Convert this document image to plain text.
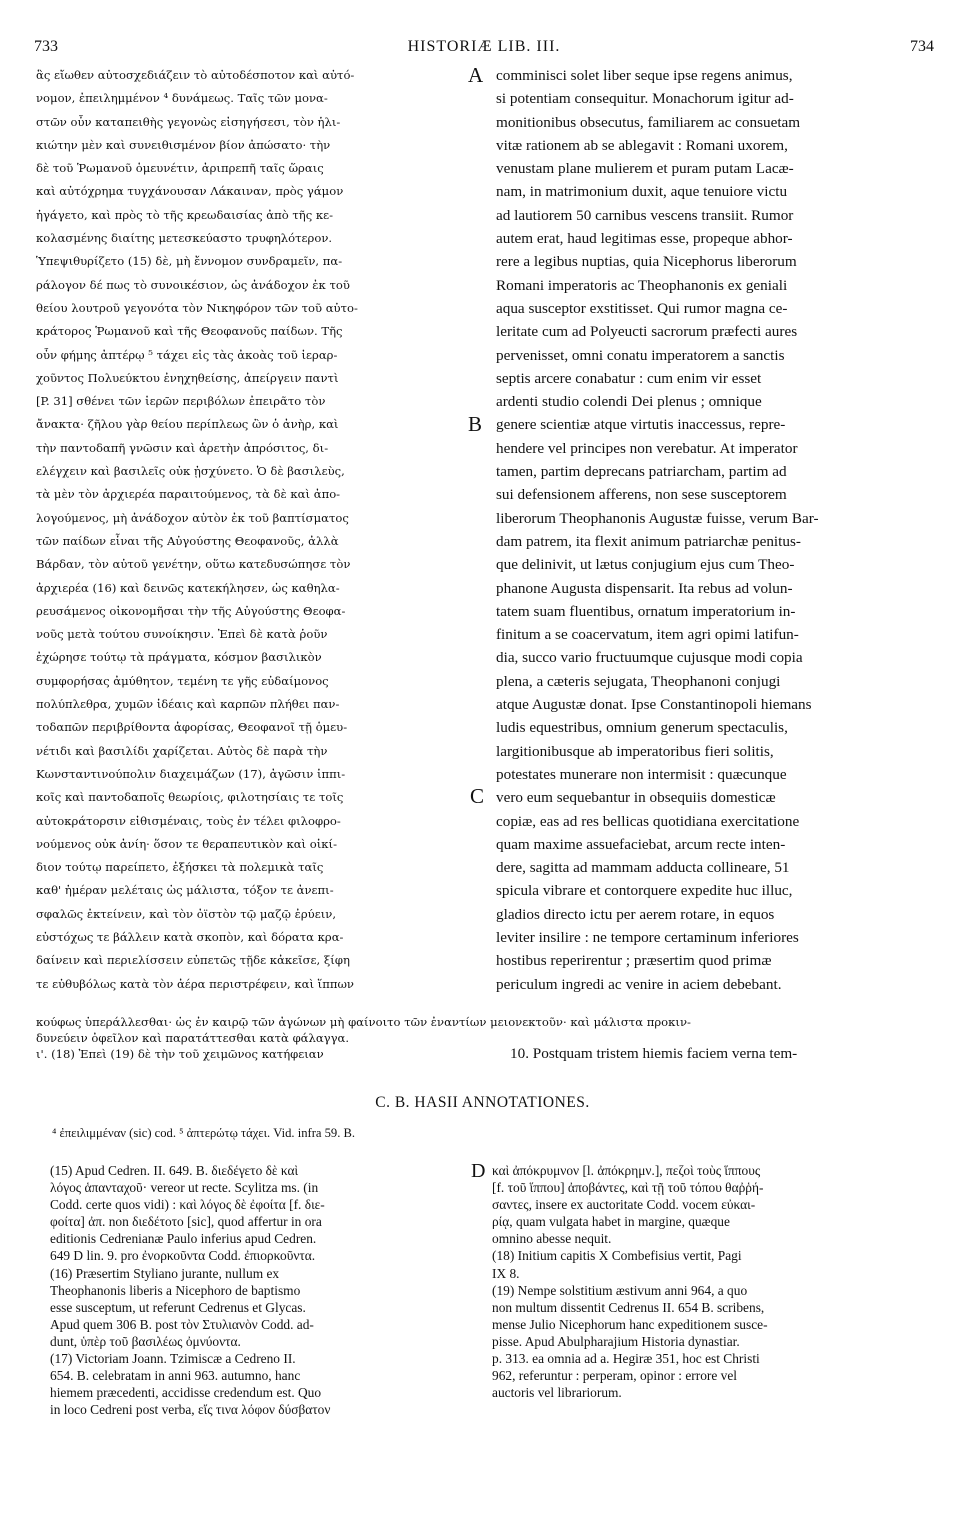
733	HISTORIÆ LIB. III.	734
ἃς εἴωθεν αὐτοσχεδιάζειν τὸ αὐτοδέσποτον καὶ αὐτό-
νομον, ἐπειλημμένον ⁴ δυνάμεως. Ταῖς τῶν μονα-
στῶν οὖν καταπειθὴς γεγονὼς εἰσηγήσεσι, τὸν ἡλι-
κιώτην μὲν καὶ συνειθισμένον βίον ἀπώσατο· τὴν
δὲ τοῦ Ῥωμανοῦ ὁμευνέτιν, ἀριπρεπῆ ταῖς ὥραις
καὶ αὐτόχρημα τυγχάνουσαν Λάκαιναν, πρὸς γάμον
ἠγάγετο, καὶ πρὸς τὸ τῆς κρεωδαισίας ἀπὸ τῆς κε-
κολασμένης διαίτης μετεσκεύαστο τρυφηλότερον.
Ὑπεψιθυρίζετο (15) δὲ, μὴ ἔννομον συνδραμεῖν, πα-
ράλογον δέ πως τὸ συνοικέσιον, ὡς ἀνάδοχον ἐκ τοῦ
θείου λουτροῦ γεγονότα τὸν Νικηφόρον τῶν τοῦ αὐτο-
κράτορος Ῥωμανοῦ καὶ τῆς Θεοφανοῦς παίδων. Τῆς
οὖν φήμης ἀπτέρῳ ⁵ τάχει εἰς τὰς ἀκοὰς τοῦ ἱεραρ-
χοῦντος Πολυεύκτου ἐνηχηθείσης, ἀπείργειν παντὶ
[P. 31] σθένει τῶν ἱερῶν περιβόλων ἐπειρᾶτο τὸν
ἄνακτα· ζῆλου γὰρ θείου περίπλεως ὢν ὁ ἀνὴρ, καὶ
τὴν παντοδαπῆ γνῶσιν καὶ ἀρετὴν ἀπρόσιτος, δι-
ελέγχειν καὶ βασιλεῖς οὐκ ᾐσχύνετο. Ὁ δὲ βασιλεὺς,
τὰ μὲν τὸν ἀρχιερέα παραιτούμενος, τὰ δὲ καὶ ἀπο-
λογούμενος, μὴ ἀνάδοχον αὐτὸν ἐκ τοῦ βαπτίσματος
τῶν παίδων εἶναι τῆς Αὐγούστης Θεοφανοῦς, ἀλλὰ
Βάρδαν, τὸν αὐτοῦ γενέτην, οὕτω κατεδυσώπησε τὸν
ἀρχιερέα (16) καὶ δεινῶς κατεκήλησεν, ὡς καθηλα-
ρευσάμενος οἰκονομῆσαι τὴν τῆς Αὐγούστης Θεοφα-
νοῦς μετὰ τούτου συνοίκησιν. Ἐπεὶ δὲ κατὰ ῥοῦν
ἐχώρησε τούτῳ τὰ πράγματα, κόσμον βασιλικὸν
συμφορήσας ἀμύθητον, τεμένη τε γῆς εὐδαίμονος
πολύπλεθρα, χυμῶν ἰδέαις καὶ καρπῶν πλήθει παν-
τοδαπῶν περιβρίθοντα ἀφορίσας, Θεοφανοῖ τῇ ὁμευ-
νέτιδι καὶ βασιλίδι χαρίζεται. Αὐτὸς δὲ παρὰ τὴν
Κωνσταντινούπολιν διαχειμάζων (17), ἀγῶσιν ἱππι-
κοῖς καὶ παντοδαποῖς θεωρίοις, φιλοτησίαις τε τοῖς
αὐτοκράτορσιν εἰθισμέναις, τοὺς ἐν τέλει φιλοφρο-
νούμενος οὐκ ἀνίη· ὅσον τε θεραπευτικὸν καὶ οἰκί-
διον τούτῳ παρείπετο, ἐξήσκει τὰ πολεμικὰ ταῖς
καθ' ἡμέραν μελέταις ὡς μάλιστα, τόξον τε ἀνεπι-
σφαλῶς ἐκτείνειν, καὶ τὸν ὀϊστὸν τῷ μαζῷ ἐρύειν,
εὐστόχως τε βάλλειν κατὰ σκοπὸν, καὶ δόρατα κρα-
δαίνειν καὶ περιελίσσειν εὐπετῶς τῇδε κἀκεῖσε, ξίφη
τε εὐθυβόλως κατὰ τὸν ἀέρα περιστρέφειν, καὶ ἵππων
comminisci solet liber seque ipse regens animus,
si potentiam consequitur. Monachorum igitur ad-
monitionibus obsecutus, familiarem ac consuetam
vitæ rationem ab se ablegavit : Romani uxorem,
venustam plane mulierem et puram putam Lacæ-
nam, in matrimonium duxit, aque tenuiore victu
ad lautiorem 50 carnibus vescens transiit. Rumor
autem erat, haud legitimas esse, propeque abhor-
rere a legibus nuptias, quia Nicephorus liberorum
Romani imperatoris ac Theophanonis ex geniali
aqua susceptor exstitisset. Qui rumor magna ce-
leritate cum ad Polyeucti sacrorum præfecti aures
pervenisset, omni conatu imperatorem a sanctis
septis arcere conabatur : cum enim vir esset
ardenti studio colendi Dei plenus ; omnique
genere scientiæ atque virtutis inaccessus, repre-
hendere vel principes non verebatur. At imperator
tamen, partim deprecans patriarcham, partim ad
sui defensionem afferens, non sese susceptorem
liberorum Theophanonis Augustæ fuisse, verum Bar-
dam patrem, ita flexit animum patriarchæ penitus-
que delinivit, ut lætus conjugium ejus cum Theo-
phanone Augusta dispensarit. Ita rebus ad volun-
tatem suam fluentibus, ornatum imperatorium in-
finitum a se coacervatum, item agri opimi latifun-
dia, succo vario fructuumque cujusque modi copia
plena, a cæteris sejugata, Theophanoni conjugi
atque Augustæ donat. Ipse Constantinopoli hiemans
ludis equestribus, omnium generum spectaculis,
largitionibusque ab imperatoribus fieri solitis,
potestates munerare non intermisit : quæcunque
vero eum sequebantur in obsequiis domesticæ
copiæ, eas ad res bellicas quotidiana exercitatione
quam maxime assuefaciebat, arcum recte inten-
dere, sagitta ad mammam adducta collineare, 51
spicula vibrare et contorquere expedite huc illuc,
gladios directo ictu per aerem rotare, in equos
leviter insilire : ne tempore certaminum inferiores
hostibus reperirentur ; præsertim quod primæ
periculum ingredi ac venire in aciem debebant.
A
B
C
κούφως ὑπεράλλεσθαι· ὡς ἐν καιρῷ τῶν ἀγώνων μὴ φαίνοιτο τῶν ἐναντίων μειονεκτοῦν· καὶ μάλιστα προκιν-
δυνεύειν ὀφεῖλον καὶ παρατάττεσθαι κατὰ φάλαγγα.
ι'. (18) Ἐπεὶ (19) δὲ τὴν τοῦ χειμῶνος κατήφειαν	10. Postquam tristem hiemis faciem verna tem-
C. B. HASII ANNOTATIONES.
⁴ ἐπειλιμμέναν (sic) cod. ⁵ ἀπτερώτῳ τάχει. Vid. infra 59. B.
(15) Apud Cedren. II. 649. B. διεδέγετο δὲ καὶ
λόγος ἁπανταχοῦ· vereor ut recte. Scylitza ms. (in
Codd. certe quos vidi) : καὶ λόγος δὲ ἐφοίτα [f. διε-
φοίτα] ἀπ. non διεδέτοτο [sic], quod affertur in ora
editionis Cedrenianæ Paulo inferius apud Cedren.
649 D lin. 9. pro ἐνορκοῦντα Codd. ἐπιορκοῦντα.
(16) Præsertim Styliano jurante, nullum ex
Theophanonis liberis a Nicephoro de baptismo
esse susceptum, ut referunt Cedrenus et Glycas.
Apud quem 306 B. post τὸν Στυλιανὸν Codd. ad-
dunt, ὑπὲρ τοῦ βασιλέως ὀμνύοντα.
(17) Victoriam Joann. Tzimiscæ a Cedreno II.
654. B. celebratam in anni 963. autumno, hanc
hiemem præcedenti, accidisse credendum est. Quo
in loco Cedreni post verba, εἴς τινα λόφον δύσβατον
καὶ ἀπόκρυμνον [l. ἀπόκρημν.], πεζοὶ τοὺς ἵππους
[f. τοῦ ἵππου] ἀποβάντες, καὶ τῇ τοῦ τόπου θαῤῥή-
σαντες, insere ex auctoritate Codd. vocem εὐκαι-
ρίᾳ, quam vulgata habet in margine, quæque
omnino abesse nequit.
(18) Initium capitis X Combefisius vertit, Pagi
IX 8.
(19) Nempe solstitium æstivum anni 964, a quo
non multum dissentit Cedrenus II. 654 B. scribens,
mense Julio Nicephorum hanc expeditionem susce-
pisse. Apud Abulpharajium Historia dynastiar.
p. 313. ea omnia ad a. Hegiræ 351, hoc est Christi
962, referuntur : perperam, opinor : errore vel
auctoris vel librariorum.
D
